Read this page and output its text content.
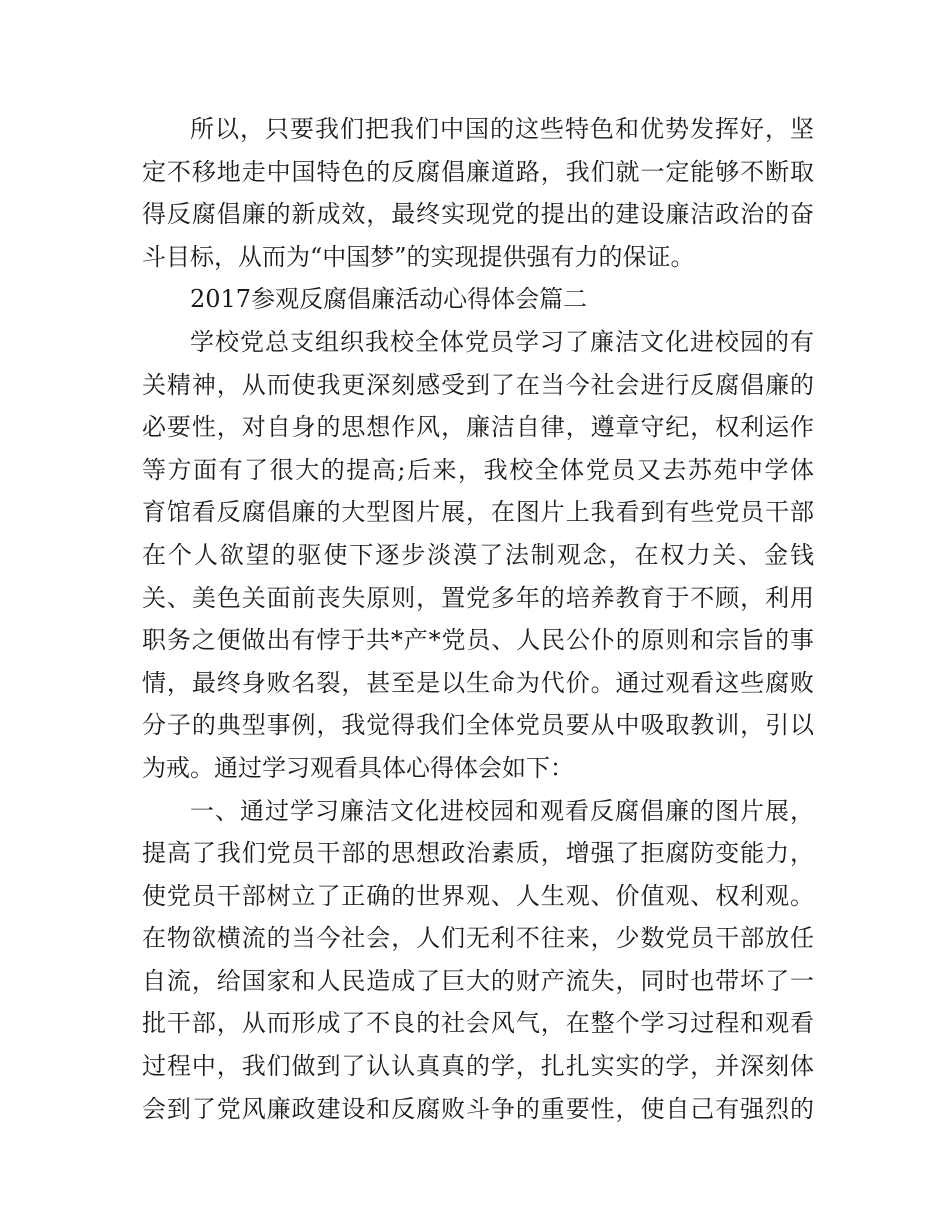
所以，只要我们把我们中国的这些特色和优势发挥好，坚
定不移地走中国特色的反腐倡廉道路，我们就一定能够不断取
得反腐倡廉的新成效，最终实现党的提出的建设廉洁政治的奋
斗目标，从而为“中国梦”的实现提供强有力的保证。
2017参观反腐倡廉活动心得体会篇二
学校党总支组织我校全体党员学习了廉洁文化进校园的有
关精神，从而使我更深刻感受到了在当今社会进行反腐倡廉的
必要性，对自身的思想作风，廉洁自律，遵章守纪，权利运作
等方面有了很大的提高;后来，我校全体党员又去苏苑中学体
育馆看反腐倡廉的大型图片展，在图片上我看到有些党员干部
在个人欲望的驱使下逐步淡漠了法制观念，在权力关、金钱
关、美色关面前丧失原则，置党多年的培养教育于不顾，利用
职务之便做出有悖于共*产*党员、人民公仆的原则和宗旨的事
情，最终身败名裂，甚至是以生命为代价。通过观看这些腐败
分子的典型事例，我觉得我们全体党员要从中吸取教训，引以
为戒。通过学习观看具体心得体会如下：
一、通过学习廉洁文化进校园和观看反腐倡廉的图片展，
提高了我们党员干部的思想政治素质，增强了拒腐防变能力，
使党员干部树立了正确的世界观、人生观、价值观、权利观。
在物欲横流的当今社会，人们无利不往来，少数党员干部放任
自流，给国家和人民造成了巨大的财产流失，同时也带坏了一
批干部，从而形成了不良的社会风气，在整个学习过程和观看
过程中，我们做到了认认真真的学，扎扎实实的学，并深刻体
会到了党风廉政建设和反腐败斗争的重要性，使自己有强烈的
